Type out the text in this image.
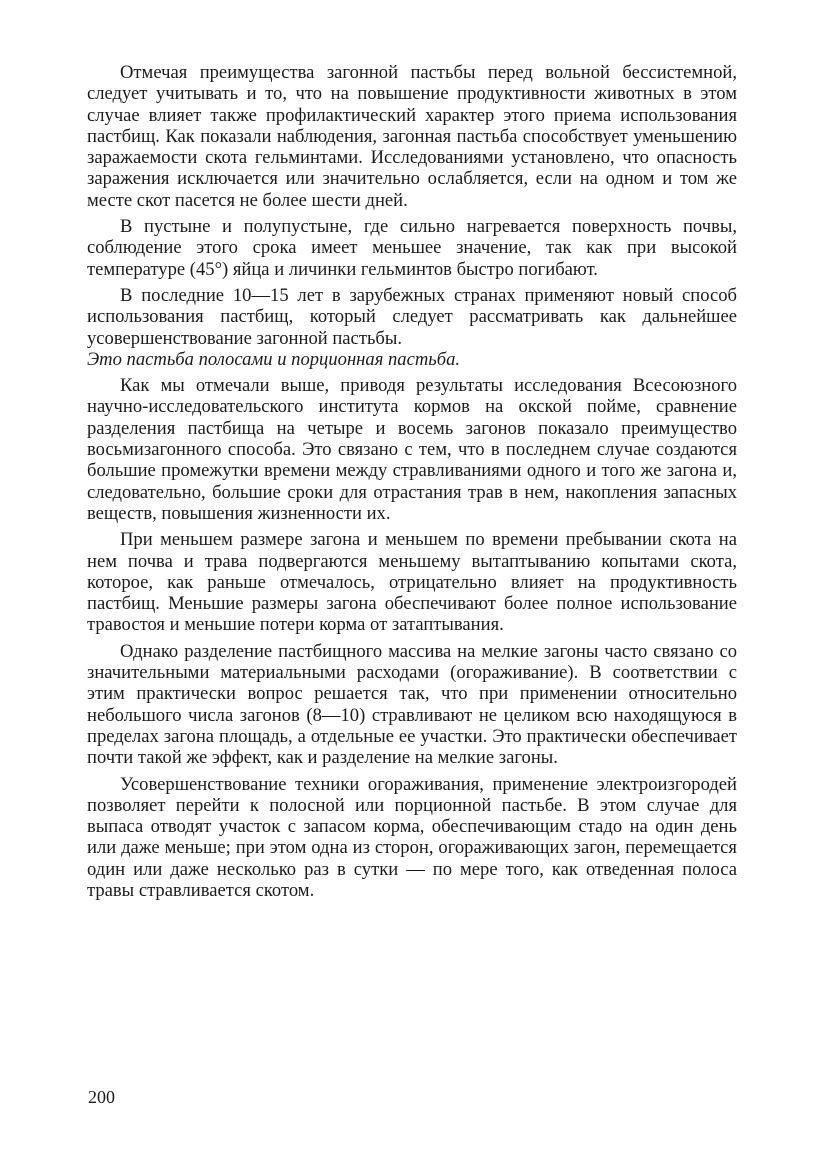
Отмечая преимущества загонной пастьбы перед вольной бессистемной, следует учитывать и то, что на повышение продуктивности животных в этом случае влияет также профилактический характер этого приема использования пастбищ. Как показали наблюдения, загонная пастьба способствует уменьшению заражаемости скота гельминтами. Исследованиями установлено, что опасность заражения исключается или значительно ослабляется, если на одном и том же месте скот пасется не более шести дней.

В пустыне и полупустыне, где сильно нагревается поверхность почвы, соблюдение этого срока имеет меньшее значение, так как при высокой температуре (45°) яйца и личинки гельминтов быстро погибают.

В последние 10—15 лет в зарубежных странах применяют новый способ использования пастбищ, который следует рассматривать как дальнейшее усовершенствование загонной пастьбы.
Это пастьба полосами и порционная пастьба.

Как мы отмечали выше, приводя результаты исследования Всесоюзного научно-исследовательского института кормов на окской пойме, сравнение разделения пастбища на четыре и восемь загонов показало преимущество восьмизагонного способа. Это связано с тем, что в последнем случае создаются большие промежутки времени между стравливаниями одного и того же загона и, следовательно, большие сроки для отрастания трав в нем, накопления запасных веществ, повышения жизненности их.

При меньшем размере загона и меньшем по времени пребывании скота на нем почва и трава подвергаются меньшему вытаптыванию копытами скота, которое, как раньше отмечалось, отрицательно влияет на продуктивность пастбищ. Меньшие размеры загона обеспечивают более полное использование травостоя и меньшие потери корма от затаптывания.

Однако разделение пастбищного массива на мелкие загоны часто связано со значительными материальными расходами (огораживание). В соответствии с этим практически вопрос решается так, что при применении относительно небольшого числа загонов (8—10) стравливают не целиком всю находящуюся в пределах загона площадь, а отдельные ее участки. Это практически обеспечивает почти такой же эффект, как и разделение на мелкие загоны.

Усовершенствование техники огораживания, применение электроизгородей позволяет перейти к полосной или порционной пастьбе. В этом случае для выпаса отводят участок с запасом корма, обеспечивающим стадо на один день или даже меньше; при этом одна из сторон, огораживающих загон, перемещается один или даже несколько раз в сутки — по мере того, как отведенная полоса травы стравливается скотом.

200
